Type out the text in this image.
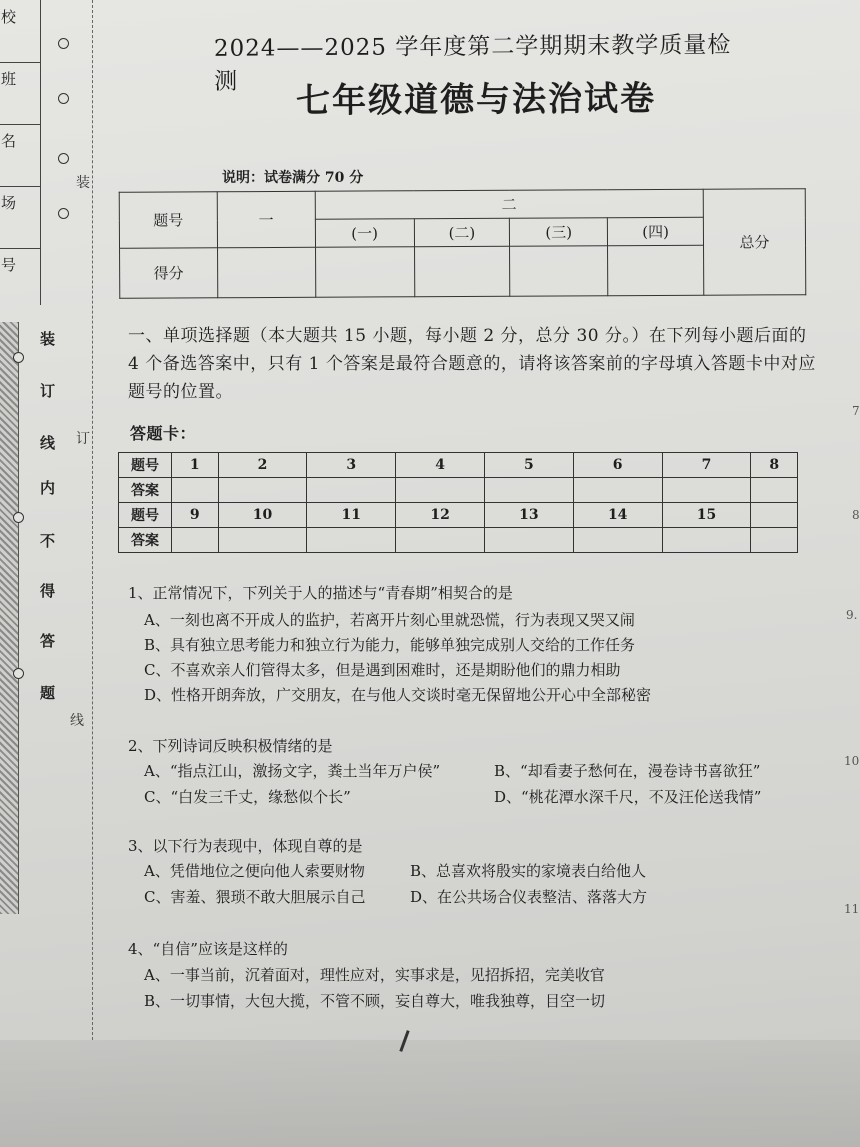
校
班
名
场
号
装
订
线
装
订
线
内
不
得
答
题
2024——2025 学年度第二学期期末教学质量检测	七年级道德与法治试卷
说明：试卷满分 70 分
题号	一	二				总分
		(一)	(二)	(三)	(四)	
得分						
一、单项选择题（本大题共 15 小题，每小题 2 分，总分 30 分。）在下列每小题后面的 4 个备选答案中，只有 1 个答案是最符合题意的，请将该答案前的字母填入答题卡中对应题号的位置。
答题卡：
题号	1	2	3	4	5	6	7	8
答案								
题号	9	10	11	12	13	14	15	
答案								
1、正常情况下，下列关于人的描述与“青春期”相契合的是
A、一刻也离不开成人的监护，若离开片刻心里就恐慌，行为表现又哭又闹
B、具有独立思考能力和独立行为能力，能够单独完成别人交给的工作任务
C、不喜欢亲人们管得太多，但是遇到困难时，还是期盼他们的鼎力相助
D、性格开朗奔放，广交朋友，在与他人交谈时毫无保留地公开心中全部秘密
2、下列诗词反映积极情绪的是
A、“指点江山，激扬文字，粪土当年万户侯”	B、“却看妻子愁何在，漫卷诗书喜欲狂”
C、“白发三千丈，缘愁似个长”	D、“桃花潭水深千尺，不及汪伦送我情”
3、以下行为表现中，体现自尊的是
A、凭借地位之便向他人索要财物	B、总喜欢将殷实的家境表白给他人
C、害羞、猥琐不敢大胆展示自己	D、在公共场合仪表整洁、落落大方
4、“自信”应该是这样的
A、一事当前，沉着面对，理性应对，实事求是，见招拆招，完美收官
B、一切事情，大包大揽，不管不顾，妄自尊大，唯我独尊，目空一切
7
8
9.
10
11
